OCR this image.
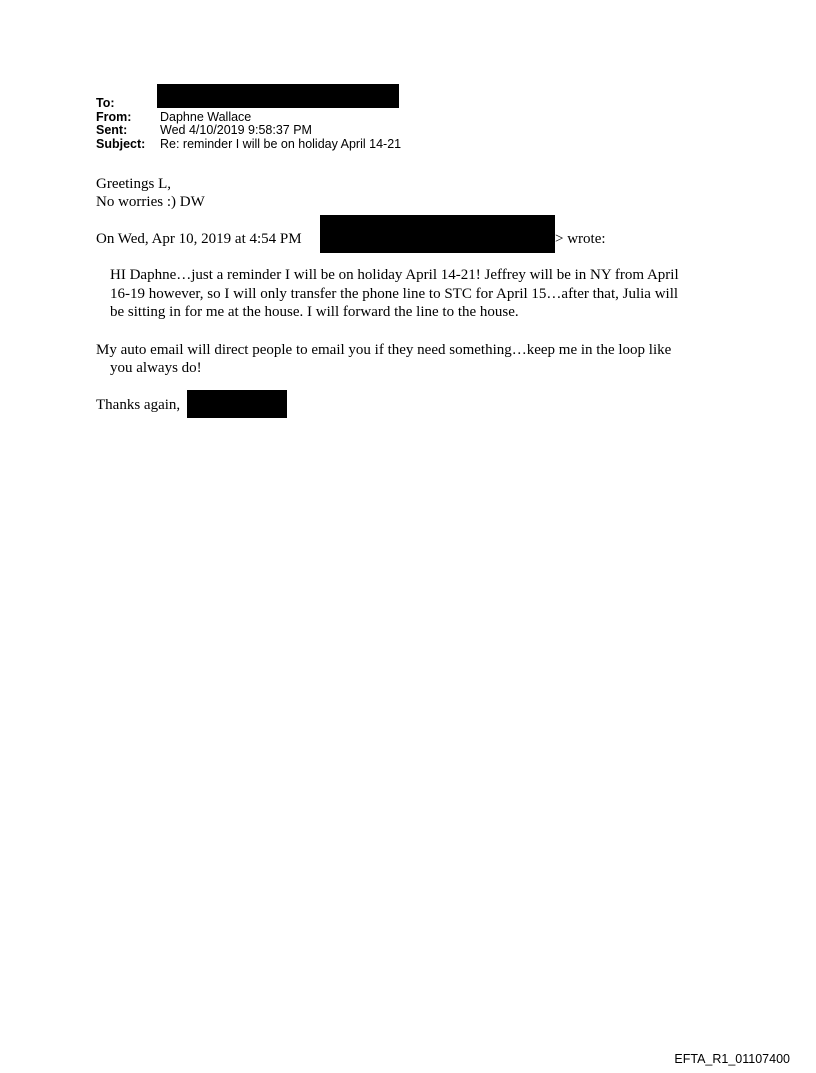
To:
From:	Daphne Wallace
Sent:	Wed 4/10/2019 9:58:37 PM
Subject:	Re: reminder I will be on holiday April 14-21
Greetings L,
No worries :) DW
On Wed, Apr 10, 2019 at 4:54 PM	> wrote:
HI Daphne…just a reminder I will be on holiday April 14-21! Jeffrey will be in NY from April
16-19 however, so I will only transfer the phone line to STC for April 15…after that, Julia will
be sitting in for me at the house. I will forward the line to the house.
My auto email will direct people to email you if they need something…keep me in the loop like
you always do!
Thanks again,
EFTA_R1_01107400
